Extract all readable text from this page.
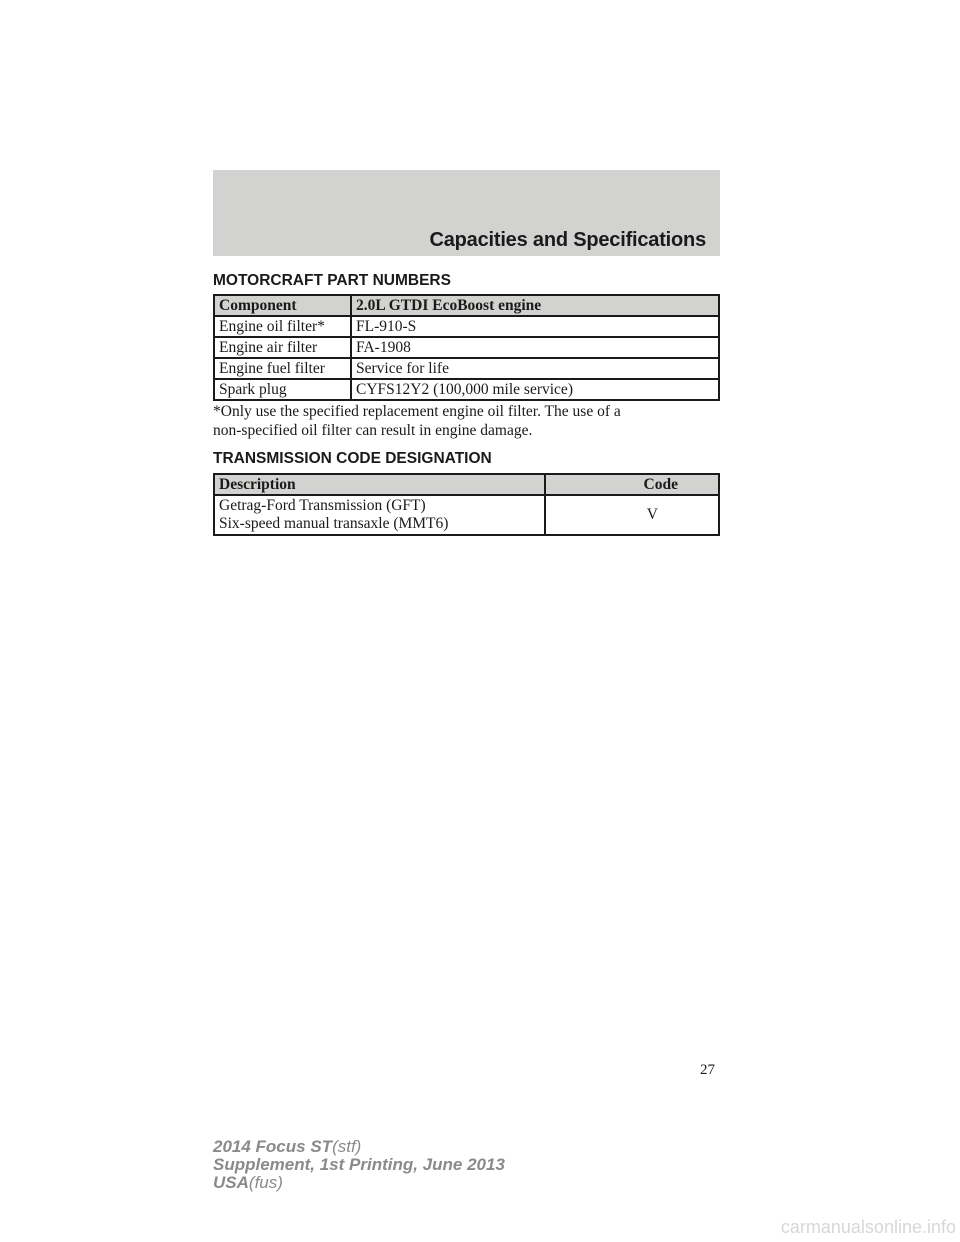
Capacities and Specifications
MOTORCRAFT PART NUMBERS
Component	2.0L GTDI EcoBoost engine
Engine oil filter*	FL-910-S
Engine air filter	FA-1908
Engine fuel filter	Service for life
Spark plug	CYFS12Y2 (100,000 mile service)
*Only use the specified replacement engine oil filter. The use of a
non-specified oil filter can result in engine damage.
TRANSMISSION CODE DESIGNATION
Description	Code

Getrag-Ford Transmission (GFT)
Six-speed manual transaxle (MMT6)	V
27
2014 Focus ST(stf)
Supplement, 1st Printing, June 2013
USA(fus)
carmanualsonline.info
